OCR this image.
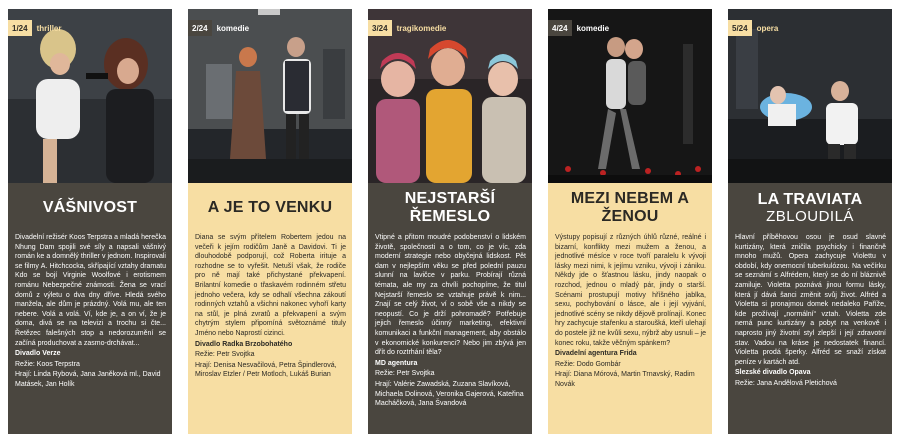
1/24	thriller
VÁŠNIVOST

Divadelní režisér Koos Terpstra a mladá herečka Nhung Dam spojili své síly a napsali vášnivý román ke a domnělý thriller v jednom. Inspirovali se filmy A. Hitchcocka, skřípající vztahy dramatu Kdo se bojí Virginie Woolfové i erotismem románu Nebezpečné známosti. Žena se vrací domů z výletu o dva dny dříve. Hledá svého manžela, ale dům je prázdný. Volá mu, ale ten nebere. Volá a volá. Ví, kde je, a on ví, že je doma, divá se na televizi a trochu si čte... Řetězec falešných stop a nedorozumění se začíná produchovat a zasmo-drchávat...

Divadlo Verze
Režie: Koos Terpstra
Hrají: Linda Rybová, Jana Janěková ml., David Matásek, Jan Holík
2/24	komedie
A JE TO VENKU

Diana se svým přítelem Robertem jedou na večeři k jejím rodičům Janě a Davidovi. Ti je dlouhodobě podporují, což Roberta irituje a rozhodne se to vyřešit. Netuší však, že rodiče pro ně mají také přichystané překvapení. Brilantní komedie o třaskavém rodinném střetu jednoho večera, kdy se odhalí všechna zákoutí rodinných vztahů a všichni nakonec vyhoří karty na stůl, je plná zvratů a překvapení a svým chytrým stylem připomíná světoznámé tituly Jméno nebo Naprostí cizinci.

Divadlo Radka Brzobohatého
Režie: Petr Svojtka
Hrají: Denisa Nesvačilová, Petra Špindlerová, Miroslav Etzler / Petr Motloch, Lukáš Burian
3/24	tragikomedie
NEJSTARŠÍ ŘEMESLO

Vtipné a přitom moudré podobenství o lidském životě, společnosti a o tom, co je víc, zda moderní strategie nebo obyčejná lidskost. Pět dam v nejlepším věku se před polední pauzu slunní na lavičce v parku. Probírají různá témata, ale my za chvíli pochopíme, že titul Nejstarší řemeslo se vztahuje právě k nim... Znají se celý život, ví o sobě vše a nikdy se neopustí. Co je drží pohromadě? Potřebuje jejich řemeslo účinný marketing, efektivní komunikaci a funkční management, aby obstálo v ekonomické konkurenci? Nebo jim zbývá jen dřít do roztrhání těla?

MD agentura
Režie: Petr Svojtka
Hrají: Valérie Zawadská, Zuzana Slavíková, Michaela Dolinová, Veronika Gajerová, Kateřina Macháčková, Jana Švandová
4/24	komedie
MEZI NEBEM A ŽENOU

Výstupy popisují z různých úhlů různé, reálné i bizarní, konflikty mezi mužem a ženou, a jednotlivé mésíce v roce tvoří paralelu k vývoji lásky mezi nimi, k jejímu vzniku, vývoji i zániku. Někdy jde o šťastnou lásku, jindy naopak o rozchod, jednou o mladý pár, jindy o starší. Scénami prostupují motivy hříšného jablka, sexu, pochybování o lásce, ale i její vyjvání, jednotlivé scény se nikdy dějově prolínají. Konec hry zachycuje stařenku a staroušká, kteří ulehají do postele již ne kvůli sexu, nýbrž aby usnuli – je konec roku, takže věčným spánkem?

Divadelní agentura Frida
Režie: Dodo Gombár
Hrají: Diana Mórová, Martin Trnavský, Radim Novák
5/24	opera
LA TRAVIATA
ZBLOUDILÁ

Hlavní příběhovou osou je osud slavné kurtizány, která zničila psychicky i finančně mnoho mužů. Opera zachycuje Violettu v období, kdy onemocní tuberkulózou. Na večírku se seznámí s Alfrédem, který se do ní bláznivě zamiluje. Violetta poznává jinou formu lásky, která jí dává šanci změnit svůj život. Alfréd a Violetta si pronajmou domek nedaleko Paříže, kde prožívají „normální“ vztah. Violetta zde nemá punc kurtizány a pobyt na venkově i naprosto jiný životní styl zlepší i její zdravotní stav. Vadou na kráse je nedostatek financí. Violetta prodá šperky. Alfréd se snaží získat peníze v kartách atd.

Slezské divadlo Opava
Režie: Jana Andělová Pletichová
